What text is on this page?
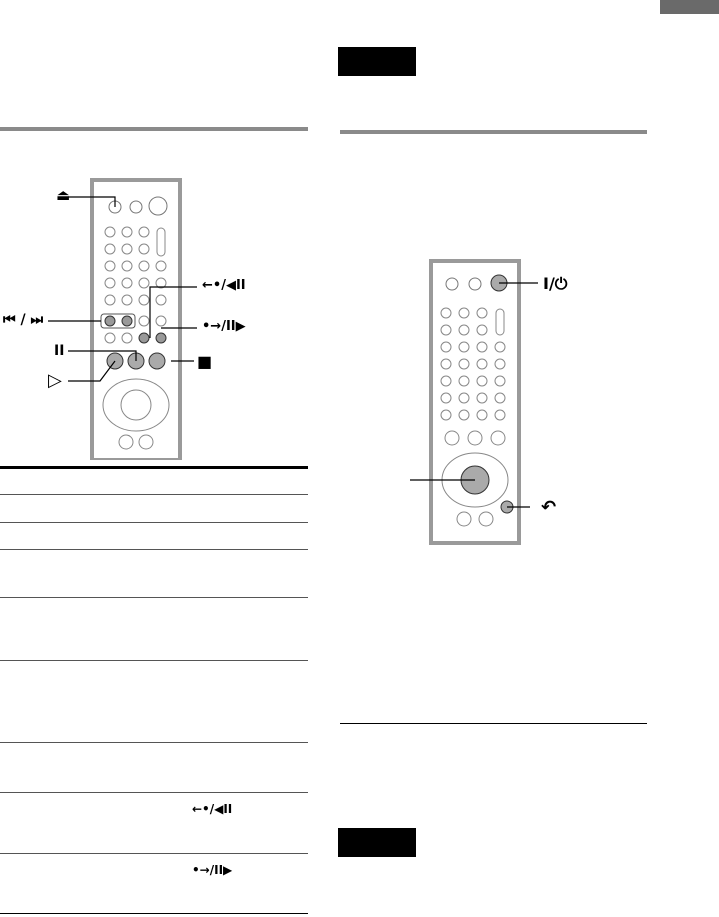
⏏
⏮ / ⏭
←•/◀II
•→/II▶
II
■
▷
I/⏻
↶
←•/◀II
•→/II▶
